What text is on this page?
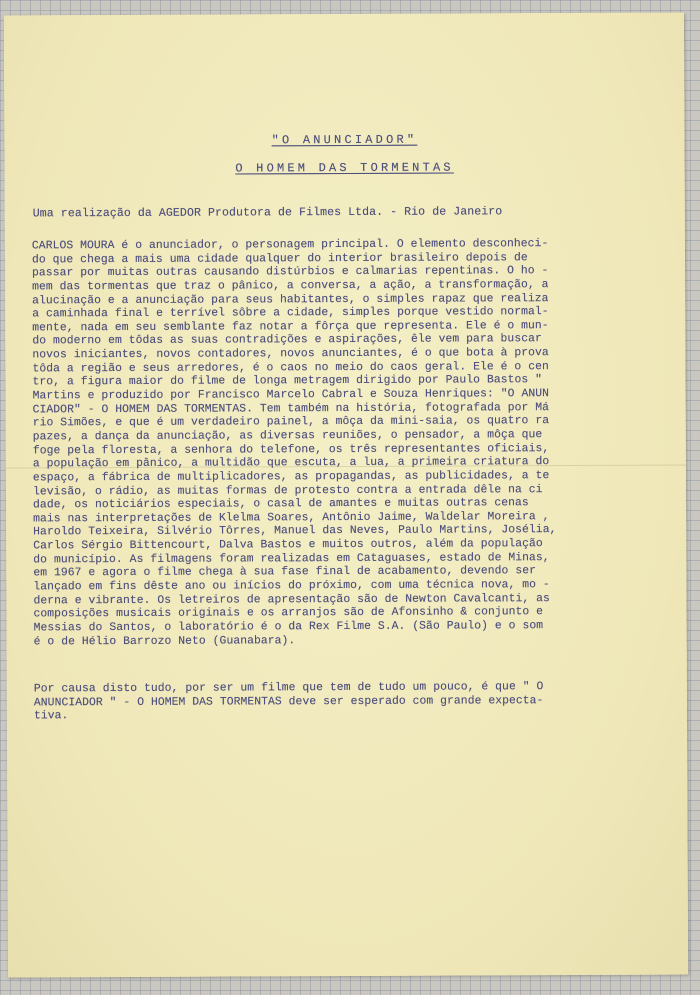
"O ANUNCIADOR"

O HOMEM DAS TORMENTAS

Uma realização da AGEDOR Produtora de Filmes Ltda. - Rio de Janeiro

CARLOS MOURA é o anunciador, o personagem principal. O elemento desconheci-
do que chega a mais uma cidade qualquer do interior brasileiro depois de
passar por muitas outras causando distúrbios e calmarias repentinas. O ho -
mem das tormentas que traz o pânico, a conversa, a ação, a transformação, a
alucinação e a anunciação para seus habitantes, o simples rapaz que realiza
a caminhada final e terrível sôbre a cidade, simples porque vestido normal-
mente, nada em seu semblante faz notar a fôrça que representa. Ele é o mun-
do moderno em tôdas as suas contradições e aspirações, êle vem para buscar
novos iniciantes, novos contadores, novos anunciantes, é o que bota à prova
tôda a região e seus arredores, é o caos no meio do caos geral. Ele é o cen
tro, a figura maior do filme de longa metragem dirigido por Paulo Bastos "
Martins e produzido por Francisco Marcelo Cabral e Souza Henriques: "O ANUN
CIADOR" - O HOMEM DAS TORMENTAS. Tem também na história, fotografada por Má
rio Simões, e que é um verdadeiro painel, a môça da mini-saia, os quatro ra
pazes, a dança da anunciação, as diversas reuniões, o pensador, a môça que
foge pela floresta, a senhora do telefone, os três representantes oficiais,
a população em pânico, a multidão que escuta, a lua, a primeira criatura do
espaço, a fábrica de multiplicadores, as propagandas, as publicidades, a te
levisão, o rádio, as muitas formas de protesto contra a entrada dêle na ci
dade, os noticiários especiais, o casal de amantes e muitas outras cenas
mais nas interpretações de Klelma Soares, Antônio Jaime, Waldelar Moreira ,
Haroldo Teixeira, Silvério Tôrres, Manuel das Neves, Paulo Martins, Josélia,
Carlos Sérgio Bittencourt, Dalva Bastos e muitos outros, além da população
do município. As filmagens foram realizadas em Cataguases, estado de Minas,
em 1967 e agora o filme chega à sua fase final de acabamento, devendo ser
lançado em fins dêste ano ou inícios do próximo, com uma técnica nova, mo -
derna e vibrante. Os letreiros de apresentação são de Newton Cavalcanti, as
composições musicais originais e os arranjos são de Afonsinho & conjunto e
Messias do Santos, o laboratório é o da Rex Filme S.A. (São Paulo) e o som
é o de Hélio Barrozo Neto (Guanabara).
Por causa disto tudo, por ser um filme que tem de tudo um pouco, é que " O
ANUNCIADOR " - O HOMEM DAS TORMENTAS deve ser esperado com grande expecta-
tiva.
